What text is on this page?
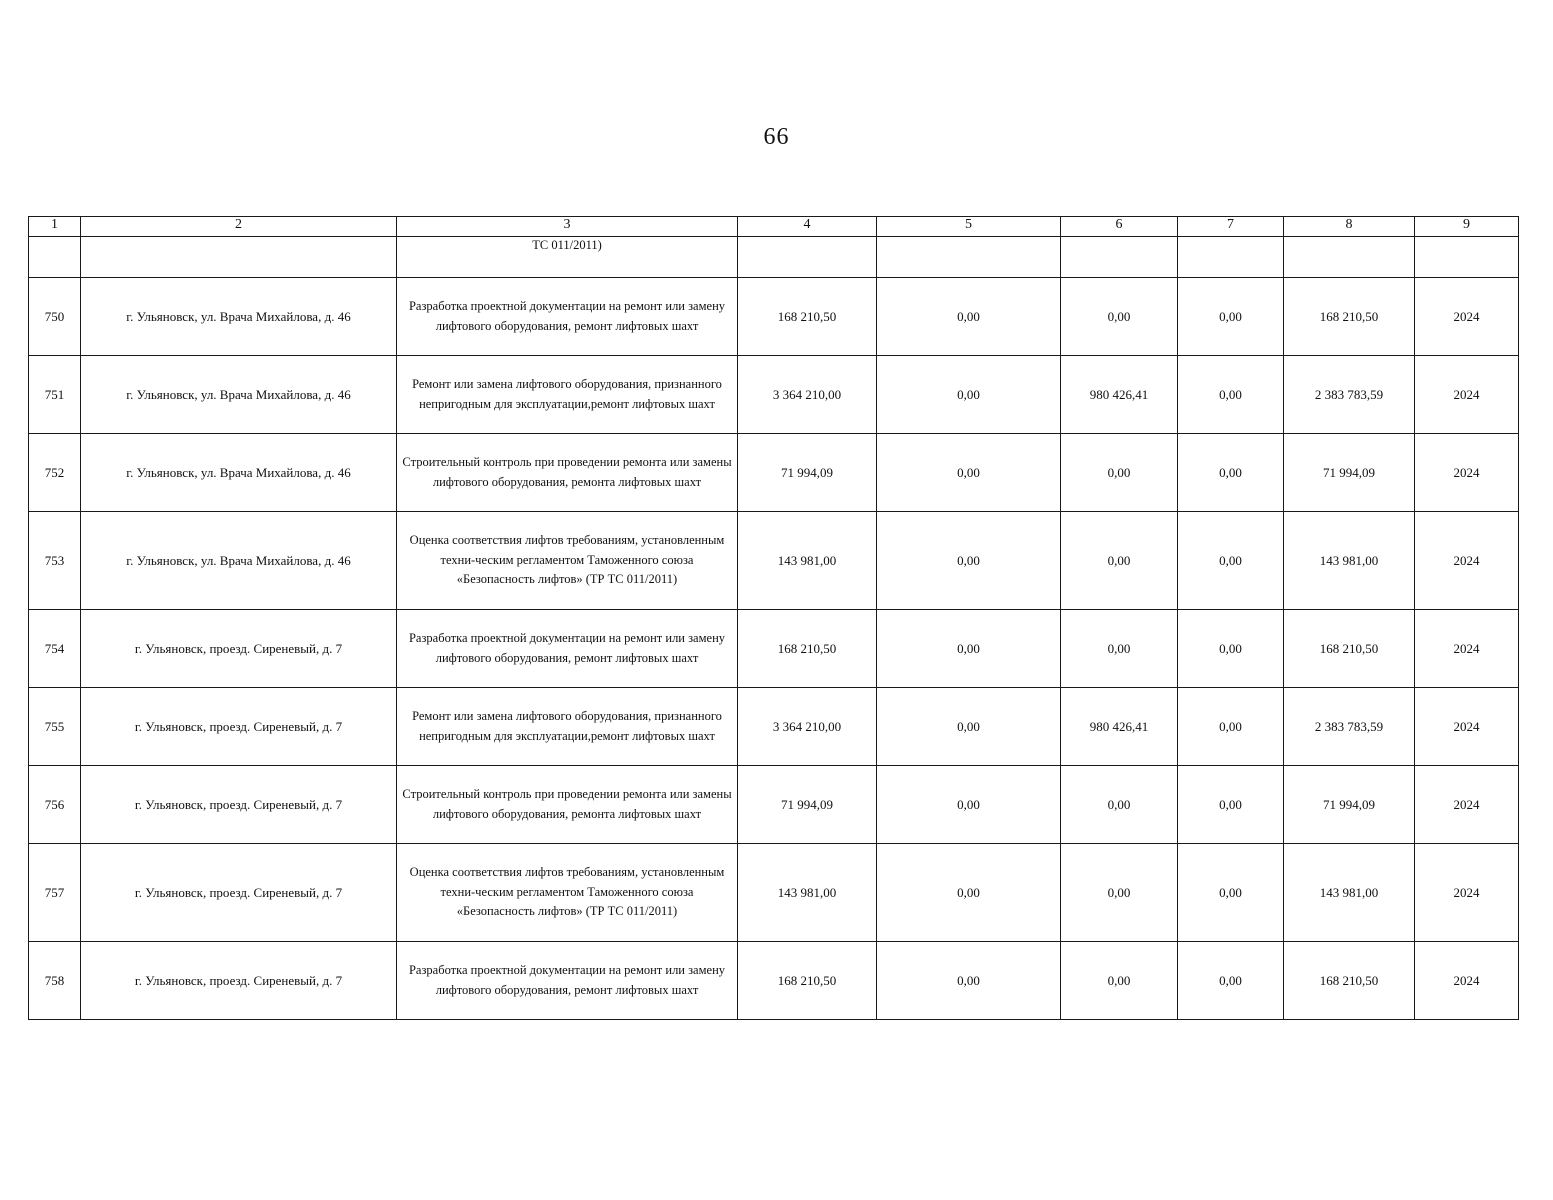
66
1	2	3	4	5	6	7	8	9
		ТС 011/2011)						
750	г. Ульяновск, ул. Врача Михайлова, д. 46	Разработка проектной документации на ремонт или замену лифтового оборудования, ремонт лифтовых шахт	168 210,50	0,00	0,00	0,00	168 210,50	2024
751	г. Ульяновск, ул. Врача Михайлова, д. 46	Ремонт или замена лифтового оборудования, признанного непригодным для эксплуатации,ремонт лифтовых шахт	3 364 210,00	0,00	980 426,41	0,00	2 383 783,59	2024
752	г. Ульяновск, ул. Врача Михайлова, д. 46	Строительный контроль при проведении ремонта или замены лифтового оборудования, ремонта лифтовых шахт	71 994,09	0,00	0,00	0,00	71 994,09	2024
753	г. Ульяновск, ул. Врача Михайлова, д. 46	Оценка соответствия лифтов требованиям, установленным техни-ческим регламентом Таможенного союза «Безопасность лифтов» (ТР ТС 011/2011)	143 981,00	0,00	0,00	0,00	143 981,00	2024
754	г. Ульяновск, проезд. Сиреневый, д. 7	Разработка проектной документации на ремонт или замену лифтового оборудования, ремонт лифтовых шахт	168 210,50	0,00	0,00	0,00	168 210,50	2024
755	г. Ульяновск, проезд. Сиреневый, д. 7	Ремонт или замена лифтового оборудования, признанного непригодным для эксплуатации,ремонт лифтовых шахт	3 364 210,00	0,00	980 426,41	0,00	2 383 783,59	2024
756	г. Ульяновск, проезд. Сиреневый, д. 7	Строительный контроль при проведении ремонта или замены лифтового оборудования, ремонта лифтовых шахт	71 994,09	0,00	0,00	0,00	71 994,09	2024
757	г. Ульяновск, проезд. Сиреневый, д. 7	Оценка соответствия лифтов требованиям, установленным техни-ческим регламентом Таможенного союза «Безопасность лифтов» (ТР ТС 011/2011)	143 981,00	0,00	0,00	0,00	143 981,00	2024
758	г. Ульяновск, проезд. Сиреневый, д. 7	Разработка проектной документации на ремонт или замену лифтового оборудования, ремонт лифтовых шахт	168 210,50	0,00	0,00	0,00	168 210,50	2024
